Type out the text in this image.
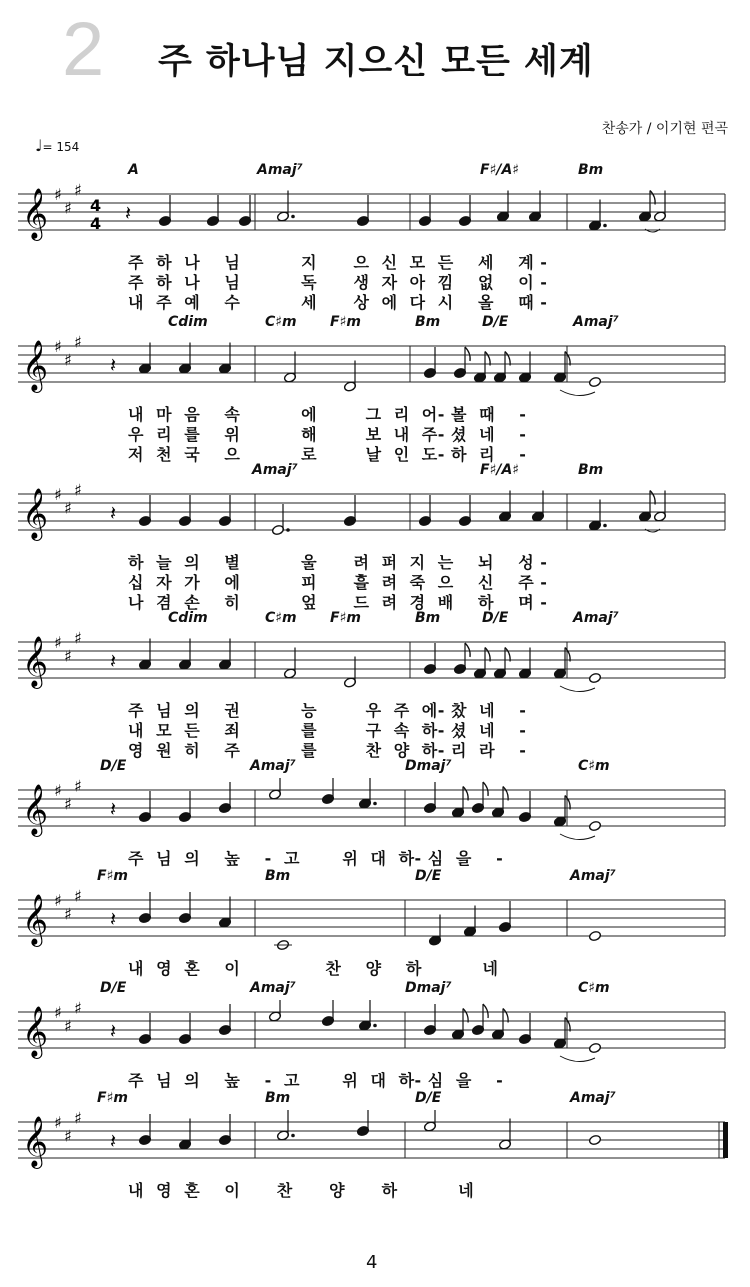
2 주 하나님 지으신 모든 세계
찬송가 / 이기현 편곡
♩= 154
A	Amaj⁷	F♯/A♯	Bm
𝄞 ♯
♯
♯
4
4 𝄽
주  하  나    님          지      으  신  모  든    세    계 -
주  하  나    님          독      생  자  아  낌    없    이 -
내  주  예    수          세      상  에  다  시    올    때 -
Cdim	C♯m F♯m	Bm	D/E	Amaj⁷
𝄞 ♯
♯
♯
𝄽
내  마  음    속          에        그  리  어- 볼  때    -
우  리  를    위          해        보  내  주- 셨  네    -
저  천  국    으          로        날  인  도- 하  리    -
Amaj⁷	F♯/A♯	Bm
𝄞 ♯
♯
♯
𝄽
하  늘  의    별          울      려  퍼  지  는    뇌    성 -
십  자  가    에          피      흘  려  죽  으    신    주 -
나  겸  손    히          엎      드  려  경  배    하    며 -
Cdim	C♯m F♯m	Bm	D/E	Amaj⁷
𝄞 ♯
♯
♯
𝄽
주  님  의    권          능        우  주  에- 찼  네    -
내  모  든    죄          를        구  속  하- 셨  네    -
영  원  히    주          를        찬  양  하- 리  라    -
D/E	Amaj⁷	Dmaj⁷	C♯m
𝄞 ♯
♯
♯
𝄽
주  님  의    높    -  고       위  대  하- 심  을    -
F♯m	Bm	D/E	Amaj⁷
𝄞 ♯
♯
♯
𝄽
내  영  혼    이              찬    양    하          네
D/E	Amaj⁷	Dmaj⁷	C♯m
𝄞 ♯
♯
♯
𝄽
주  님  의    높    -  고       위  대  하- 심  을    -
F♯m	Bm	D/E	Amaj⁷
𝄞 ♯
♯
♯
𝄽
내  영  혼    이      찬      양      하          네
4
